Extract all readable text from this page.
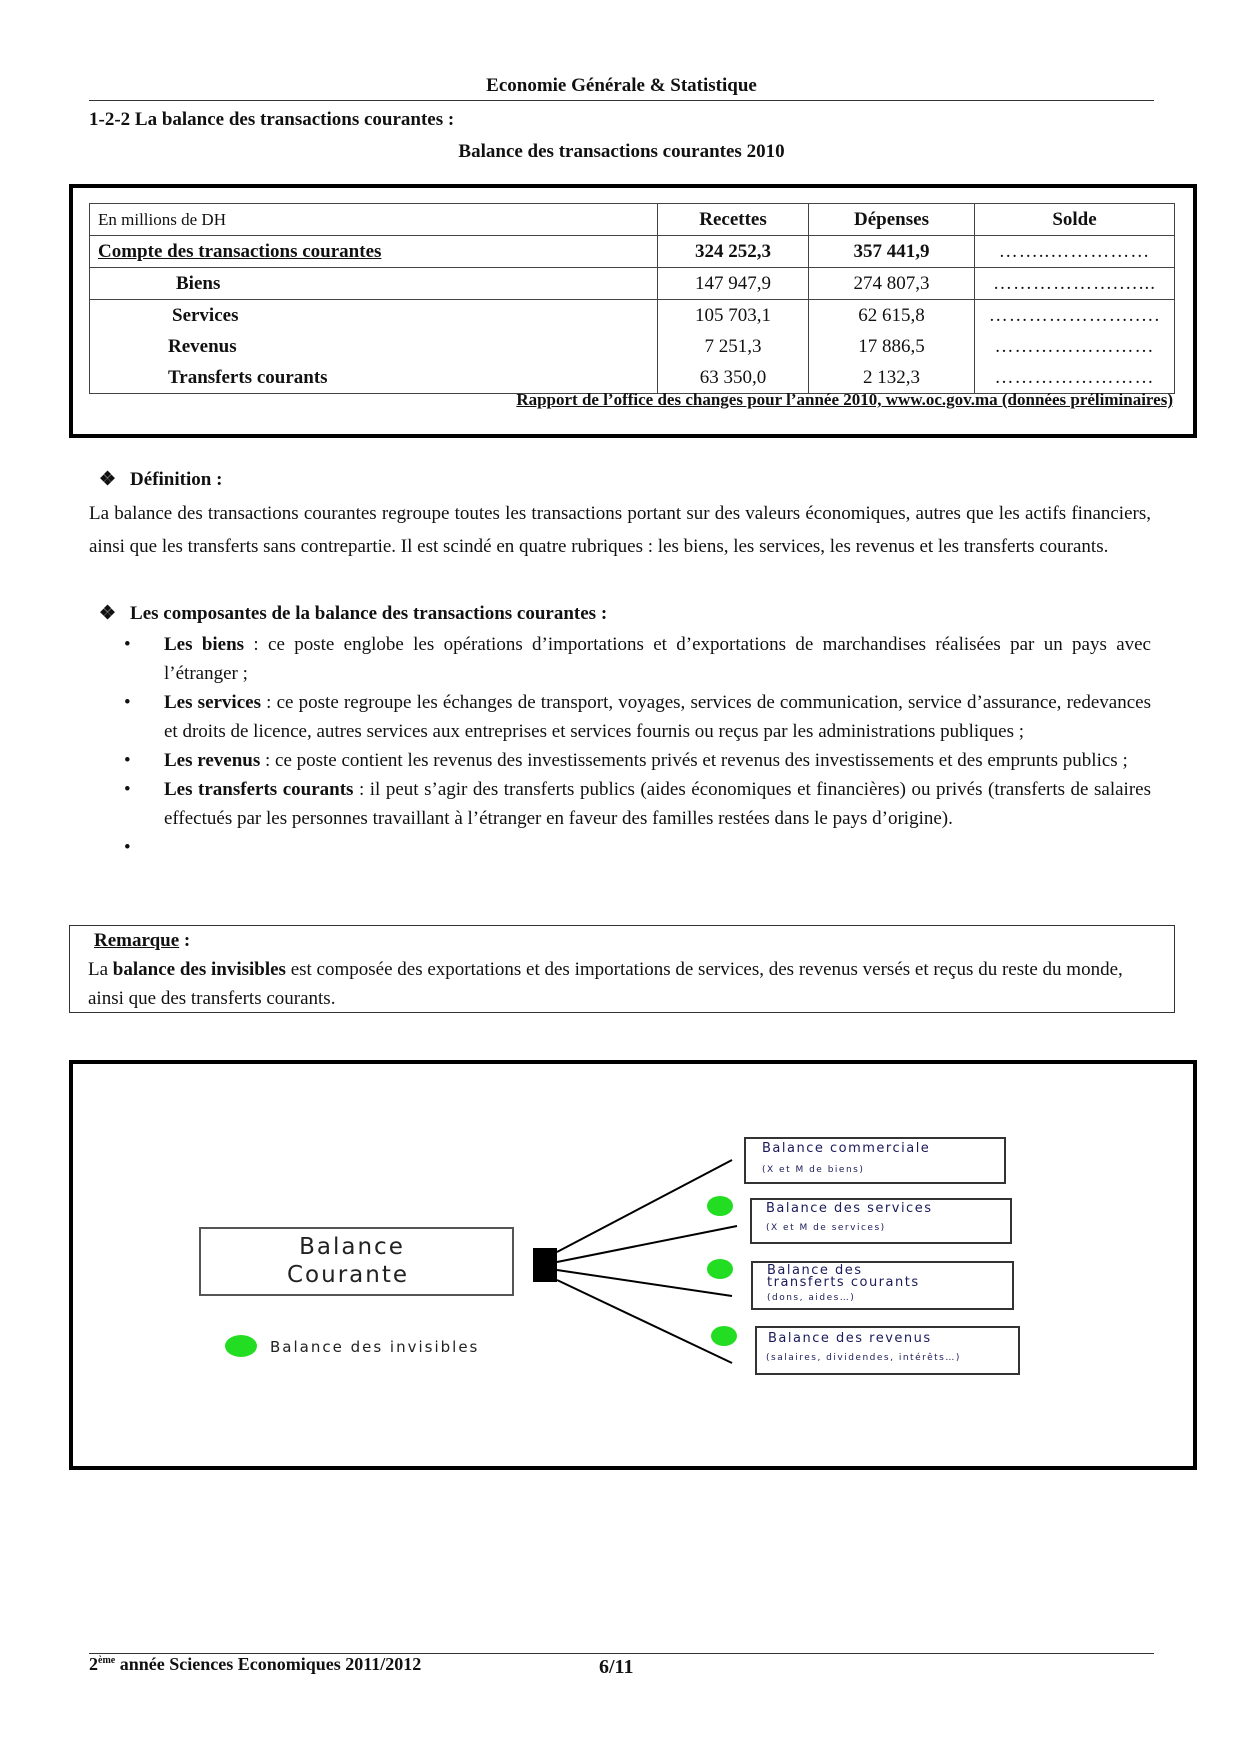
Economie Générale & Statistique
1-2-2 La balance des transactions courantes :
Balance des transactions courantes 2010
En millions de DH	Recettes	Dépenses	Solde
Compte des transactions courantes	324 252,3	357 441,9	……..……………
Biens	147 947,9	274 807,3	……………….…...
Services	105 703,1	62 615,8	………………….….
Revenus	7 251,3	17 886,5	……………………
Transferts courants	63 350,0	2 132,3	……………………
Rapport de l’office des changes pour l’année 2010, www.oc.gov.ma (données préliminaires)
❖ Définition :
La balance des transactions courantes regroupe toutes les transactions portant sur des valeurs économiques, autres que les actifs financiers, ainsi que les transferts sans contrepartie. Il est scindé en quatre rubriques : les biens, les services, les revenus et les transferts courants.
❖ Les composantes de la balance des transactions courantes :
• Les biens : ce poste englobe les opérations d’importations et d’exportations de marchandises réalisées par un pays avec l’étranger ;
• Les services : ce poste regroupe les échanges de transport, voyages, services de communication, service d’assurance, redevances et droits de licence, autres services aux entreprises et services fournis ou reçus par les administrations publiques ;
• Les revenus : ce poste contient les revenus des investissements privés et revenus des investissements et des emprunts publics ;
• Les transferts courants : il peut s’agir des transferts publics (aides économiques et financières) ou privés (transferts de salaires effectués par les personnes travaillant à l’étranger en faveur des familles restées dans le pays d’origine).
•
Remarque :
La balance des invisibles est composée des exportations et des importations de services, des revenus versés et reçus du reste du monde, ainsi que des transferts courants.
Balance
Courante
Balance commerciale
(X et M de biens)
Balance des services
(X et M de services)
Balance des
transferts courants
(dons, aides…)
Balance des revenus
(salaires, dividendes, intérêts…)
Balance des invisibles
2ème année Sciences Economiques 2011/2012	6/11
